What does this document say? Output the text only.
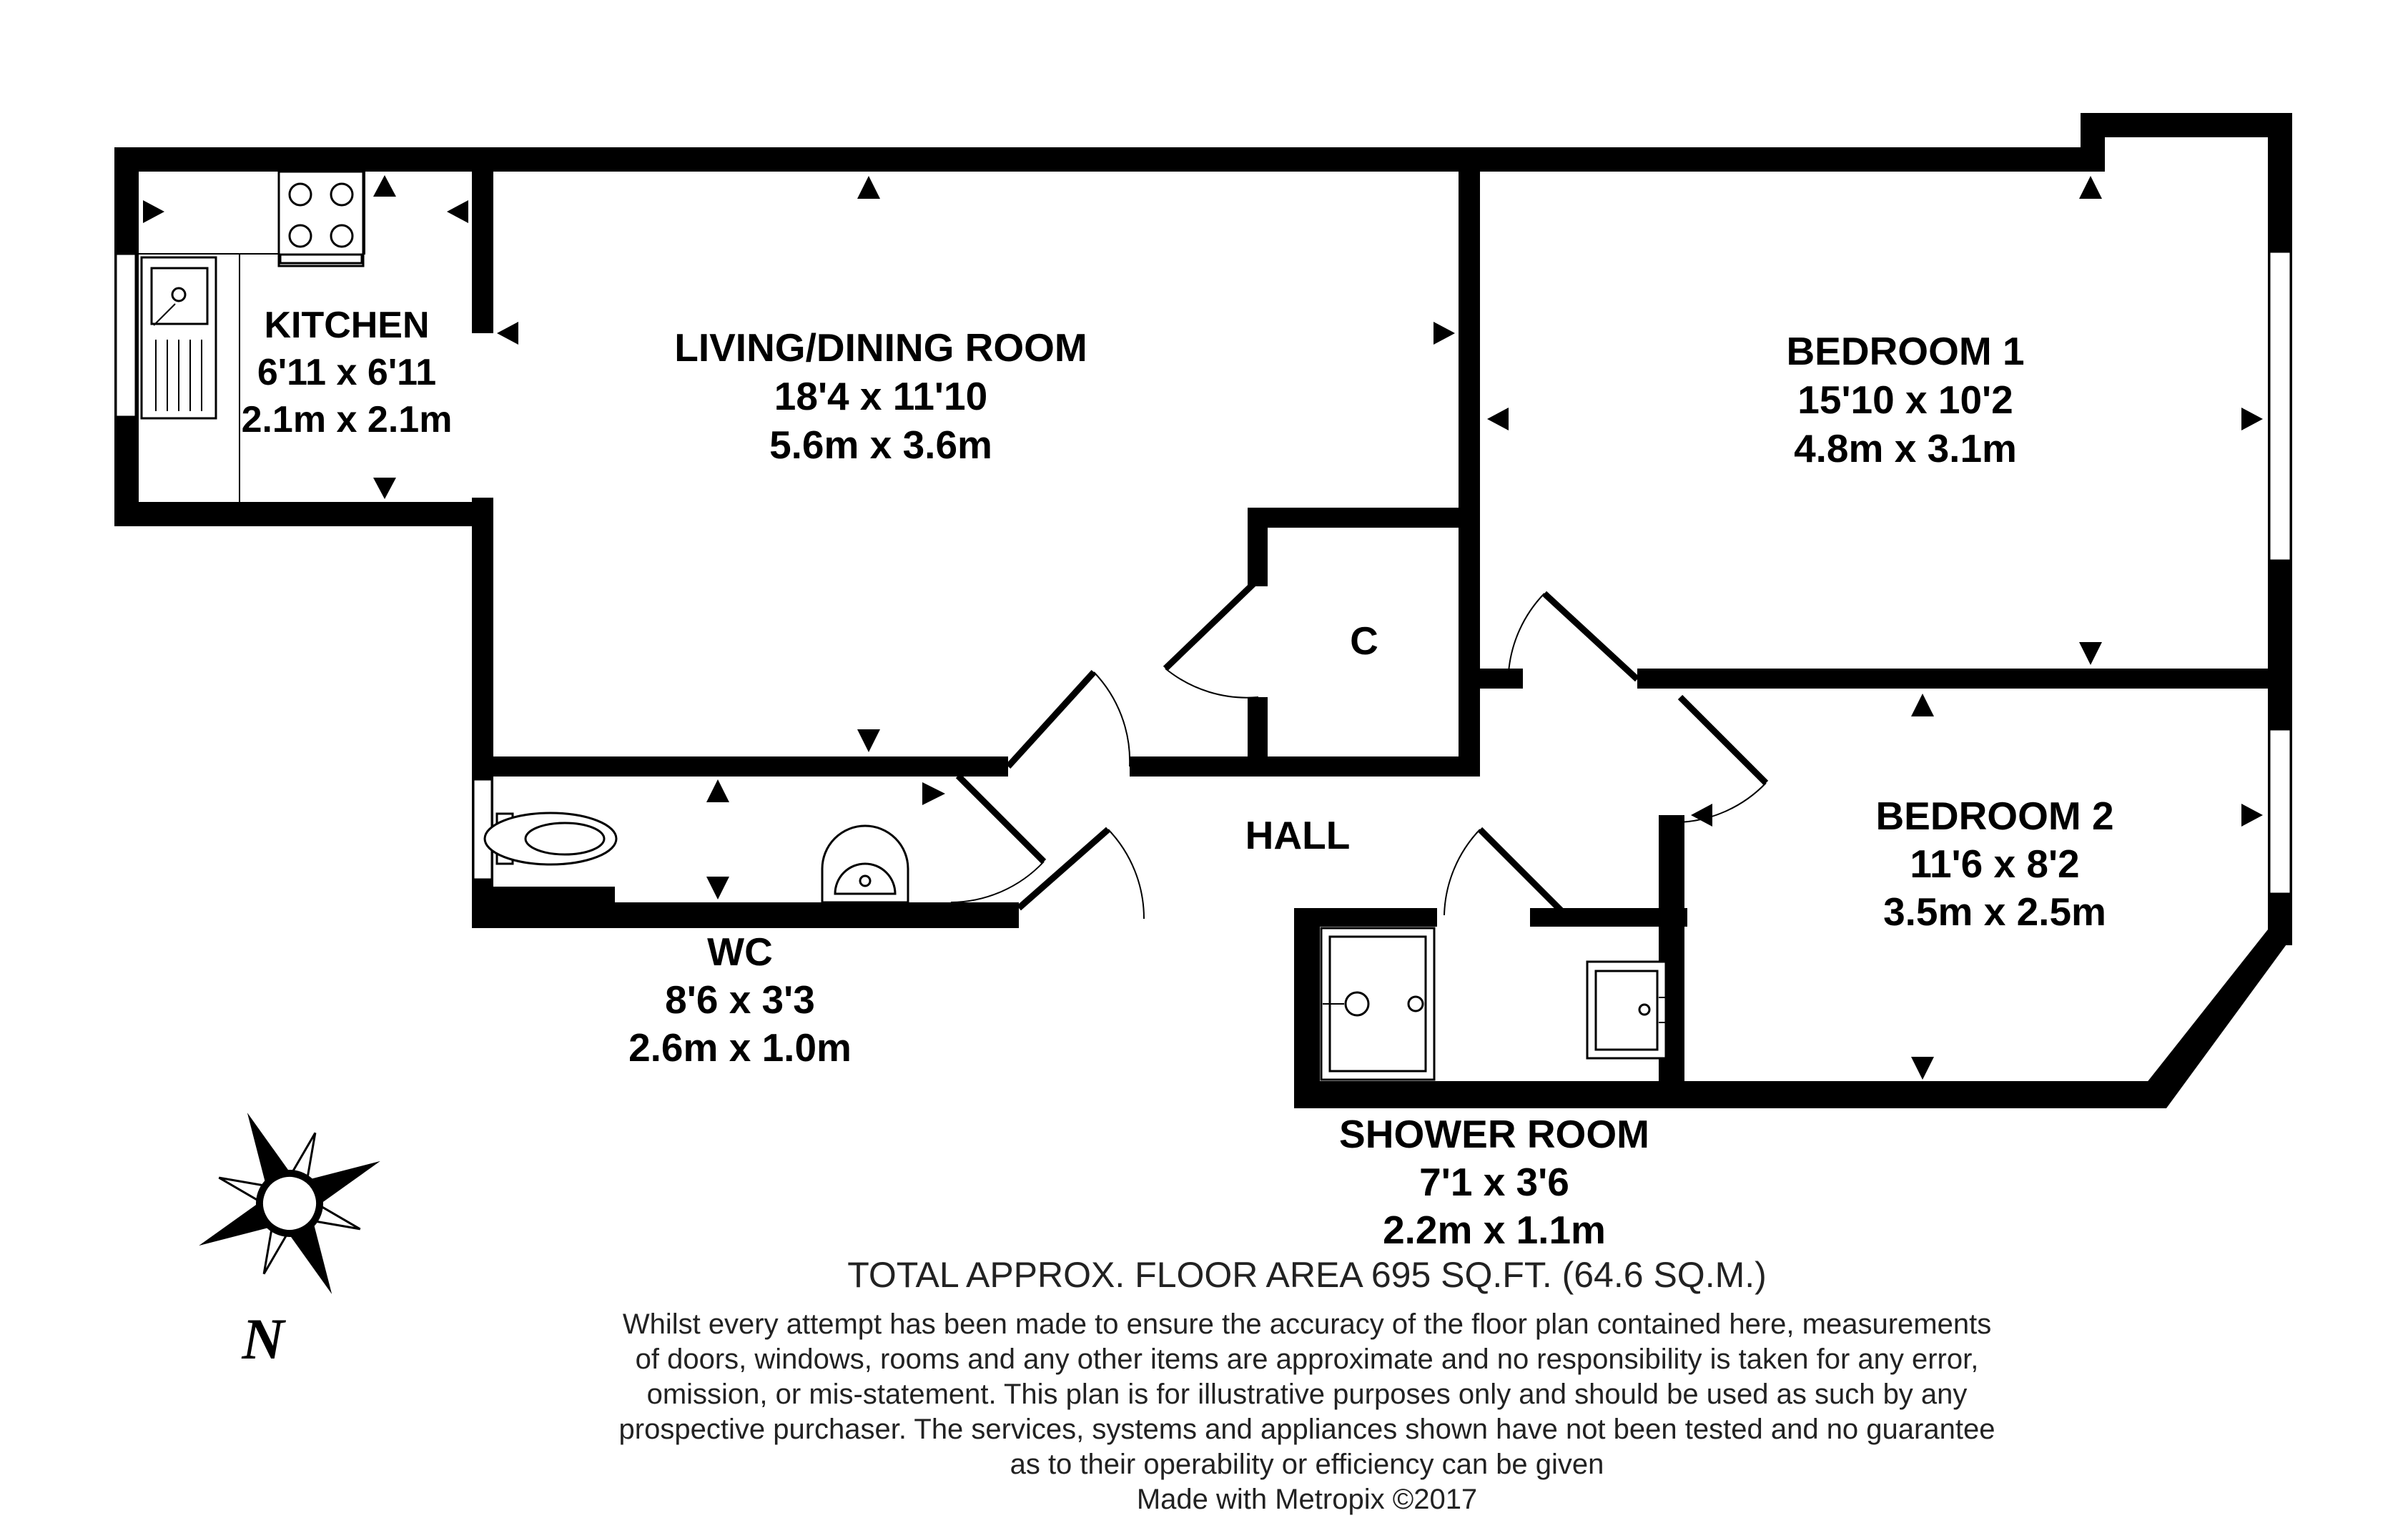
KITCHEN
6'11 x 6'11
2.1m x 2.1m
LIVING/DINING ROOM
18'4 x 11'10
5.6m x 3.6m
BEDROOM 1
15'10 x 10'2
4.8m x 3.1m
BEDROOM 2
11'6 x 8'2
3.5m x 2.5m
C
HALL
WC
8'6 x 3'3
2.6m x 1.0m
SHOWER ROOM
7'1 x 3'6
2.2m x 1.1m
N
TOTAL APPROX. FLOOR AREA 695 SQ.FT. (64.6 SQ.M.)
Whilst every attempt has been made to ensure the accuracy of the floor plan contained here, measurements
of doors, windows, rooms and any other items are approximate and no responsibility is taken for any error,
omission, or mis-statement. This plan is for illustrative purposes only and should be used as such by any
prospective purchaser. The services, systems and appliances shown have not been tested and no guarantee
as to their operability or efficiency can be given
Made with Metropix ©2017
